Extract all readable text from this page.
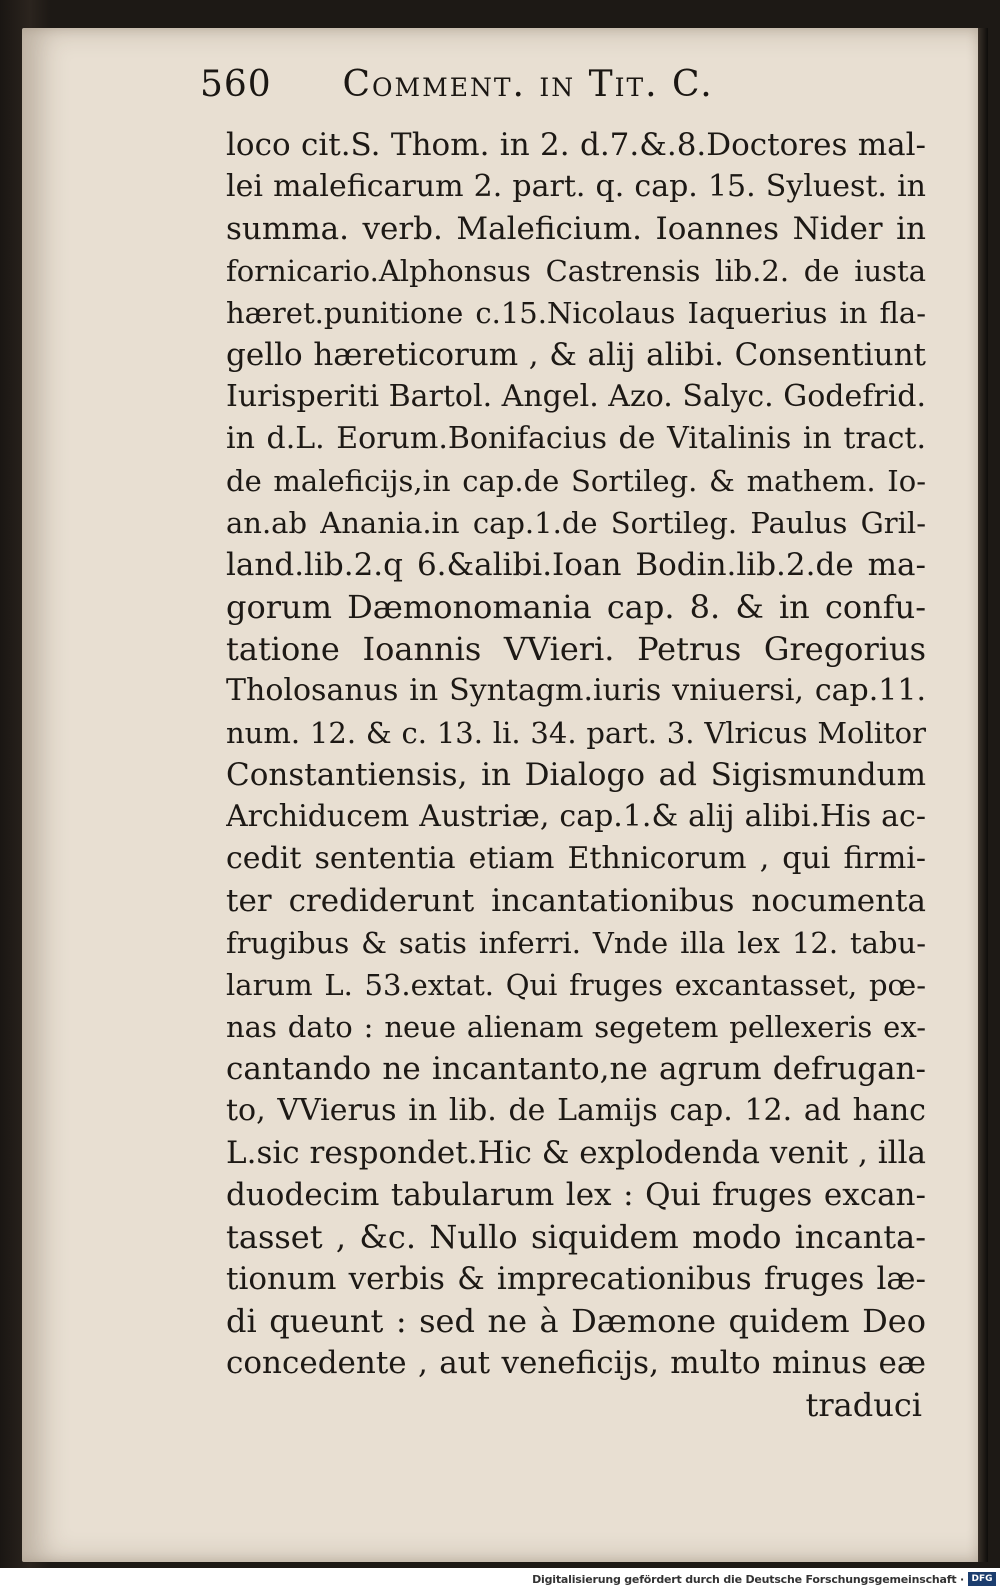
560 Comment. in Tit. C.
loco cit.S. Thom. in 2. d.7.&.8.Doctores mal-
lei maleficarum 2. part. q. cap. 15. Syluest. in
summa. verb. Maleficium. Ioannes Nider in
fornicario.Alphonsus Castrensis lib.2. de iusta
hæret.punitione c.15.Nicolaus Iaquerius in fla-
gello hæreticorum , & alij alibi. Consentiunt
Iurisperiti Bartol. Angel. Azo. Salyc. Godefrid.
in d.L. Eorum.Bonifacius de Vitalinis in tract.
de maleficijs,in cap.de Sortileg. & mathem. Io-
an.ab Anania.in cap.1.de Sortileg. Paulus Gril-
land.lib.2.q 6.&alibi.Ioan Bodin.lib.2.de ma-
gorum Dæmonomania cap. 8. & in confu-
tatione Ioannis VVieri. Petrus Gregorius
Tholosanus in Syntagm.iuris vniuersi, cap.11.
num. 12. & c. 13. li. 34. part. 3. Vlricus Molitor
Constantiensis, in Dialogo ad Sigismundum
Archiducem Austriæ, cap.1.& alij alibi.His ac-
cedit sententia etiam Ethnicorum , qui firmi-
ter crediderunt incantationibus nocumenta
frugibus & satis inferri. Vnde illa lex 12. tabu-
larum L. 53.extat. Qui fruges excantasset, pœ-
nas dato : neue alienam segetem pellexeris ex-
cantando ne incantanto,ne agrum defrugan-
to, VVierus in lib. de Lamijs cap. 12. ad hanc
L.sic respondet.Hic & explodenda venit , illa
duodecim tabularum lex : Qui fruges excan-
tasset , &c. Nullo siquidem modo incanta-
tionum verbis & imprecationibus fruges læ-
di queunt : sed ne à Dæmone quidem Deo
concedente , aut veneficijs, multo minus eæ
traduci
Digitalisierung gefördert durch die Deutsche Forschungsgemeinschaft · DFG
